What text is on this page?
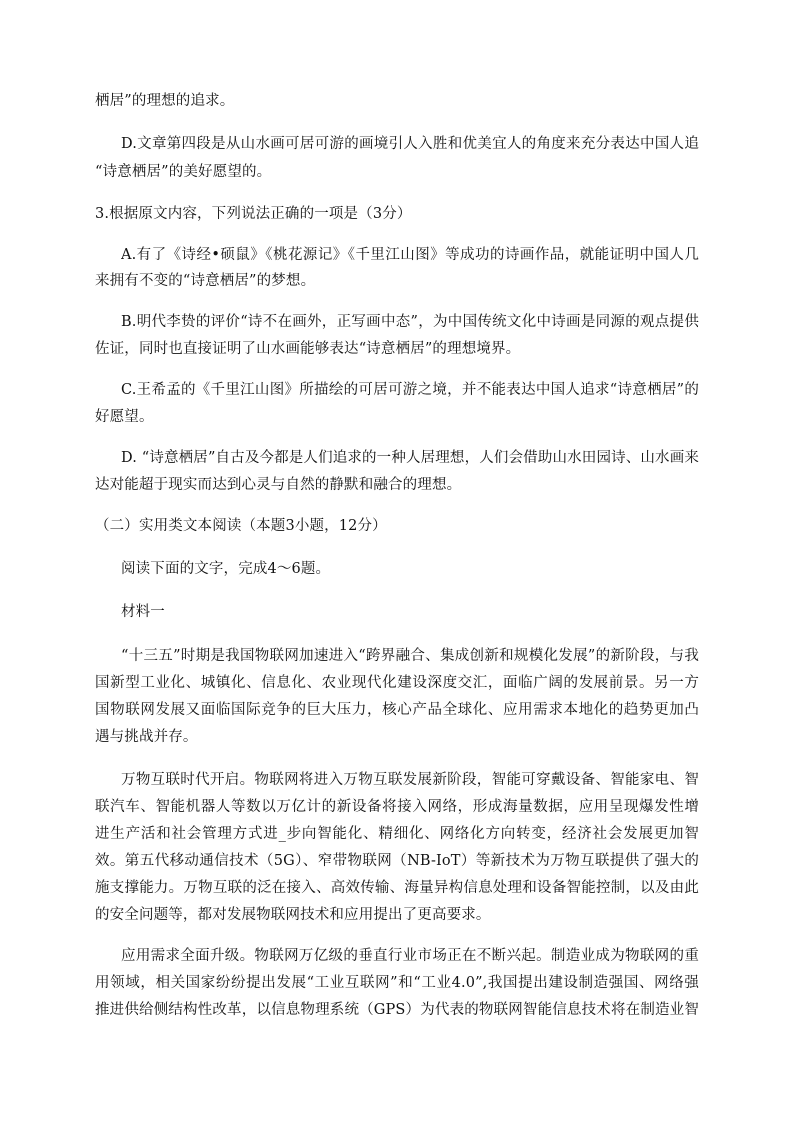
栖居”的理想的追求。
D.文章第四段是从山水画可居可游的画境引人入胜和优美宜人的角度来充分表达中国人追
“诗意栖居”的美好愿望的。
3.根据原文内容，下列说法正确的一项是（3分）
A.有了《诗经•硕鼠》《桃花源记》《千里江山图》等成功的诗画作品，就能证明中国人几
来拥有不变的“诗意栖居”的梦想。
B.明代李贽的评价“诗不在画外，正写画中态”，为中国传统文化中诗画是同源的观点提供
佐证，同时也直接证明了山水画能够表达“诗意栖居”的理想境界。
C.王希孟的《千里江山图》所描绘的可居可游之境，并不能表达中国人追求“诗意栖居”的
好愿望。
D. “诗意栖居”自古及今都是人们追求的一种人居理想，人们会借助山水田园诗、山水画来
达对能超于现实而达到心灵与自然的静默和融合的理想。
（二）实用类文本阅读（本题3小题，12分）
阅读下面的文字，完成4～6题。
材料一
“十三五”时期是我国物联网加速进入“跨界融合、集成创新和规模化发展”的新阶段，与我
国新型工业化、城镇化、信息化、农业现代化建设深度交汇，面临广阔的发展前景。另一方
国物联网发展又面临国际竞争的巨大压力，核心产品全球化、应用需求本地化的趋势更加凸
遇与挑战并存。
万物互联时代开启。物联网将进入万物互联发展新阶段，智能可穿戴设备、智能家电、智
联汽车、智能机器人等数以万亿计的新设备将接入网络，形成海量数据，应用呈现爆发性增
进生产活和社会管理方式进_步向智能化、精细化、网络化方向转变，经济社会发展更加智
效。第五代移动通信技术（5G）、窄带物联网（NB-IoT）等新技术为万物互联提供了强大的
施支撑能力。万物互联的泛在接入、高效传输、海量异构信息处理和设备智能控制，以及由此
的安全问题等，都对发展物联网技术和应用提出了更高要求。
应用需求全面升级。物联网万亿级的垂直行业市场正在不断兴起。制造业成为物联网的重
用领域，相关国家纷纷提出发展“工业互联网”和“工业4.0”,我国提出建设制造强国、网络强
推进供给侧结构性改革，以信息物理系统（GPS）为代表的物联网智能信息技术将在制造业智
